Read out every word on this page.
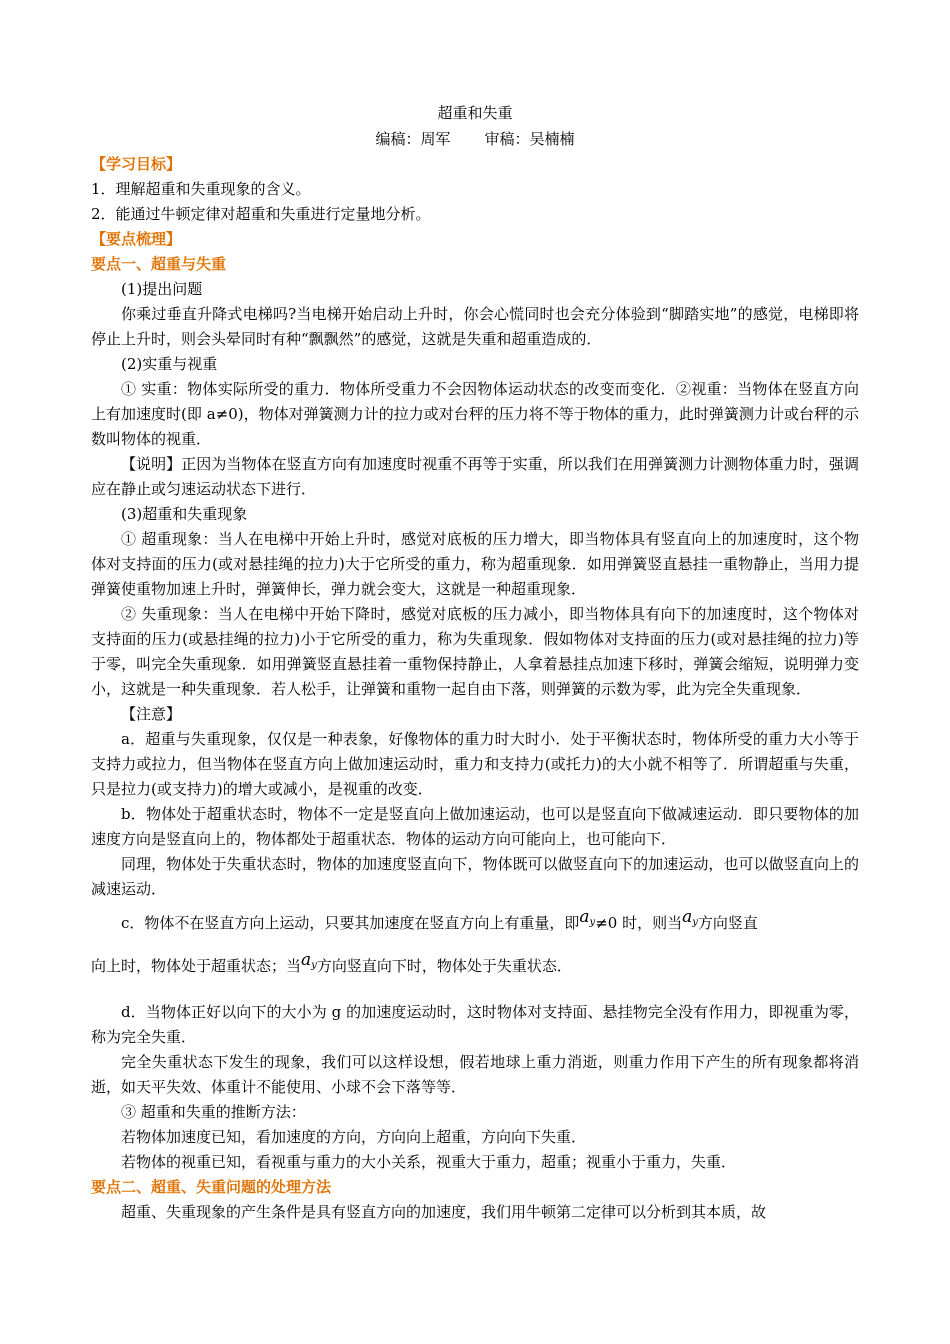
超重和失重
编稿：周军 审稿：吴楠楠
【学习目标】
1．理解超重和失重现象的含义。
2．能通过牛顿定律对超重和失重进行定量地分析。
【要点梳理】
要点一、超重与失重

(1)提出问题

你乘过垂直升降式电梯吗?当电梯开始启动上升时，你会心慌同时也会充分体验到“脚踏实地”的感觉，电梯即将停止上升时，则会头晕同时有种“飘飘然”的感觉，这就是失重和超重造成的．

(2)实重与视重

① 实重：物体实际所受的重力．物体所受重力不会因物体运动状态的改变而变化．②视重：当物体在竖直方向上有加速度时(即 a≠0)，物体对弹簧测力计的拉力或对台秤的压力将不等于物体的重力，此时弹簧测力计或台秤的示数叫物体的视重．

【说明】正因为当物体在竖直方向有加速度时视重不再等于实重，所以我们在用弹簧测力计测物体重力时，强调应在静止或匀速运动状态下进行．

(3)超重和失重现象

① 超重现象：当人在电梯中开始上升时，感觉对底板的压力增大，即当物体具有竖直向上的加速度时，这个物体对支持面的压力(或对悬挂绳的拉力)大于它所受的重力，称为超重现象．如用弹簧竖直悬挂一重物静止，当用力提弹簧使重物加速上升时，弹簧伸长，弹力就会变大，这就是一种超重现象．

② 失重现象：当人在电梯中开始下降时，感觉对底板的压力减小，即当物体具有向下的加速度时，这个物体对支持面的压力(或悬挂绳的拉力)小于它所受的重力，称为失重现象．假如物体对支持面的压力(或对悬挂绳的拉力)等于零，叫完全失重现象．如用弹簧竖直悬挂着一重物保持静止，人拿着悬挂点加速下移时，弹簧会缩短，说明弹力变小，这就是一种失重现象．若人松手，让弹簧和重物一起自由下落，则弹簧的示数为零，此为完全失重现象．

【注意】

a．超重与失重现象，仅仅是一种表象，好像物体的重力时大时小．处于平衡状态时，物体所受的重力大小等于支持力或拉力，但当物体在竖直方向上做加速运动时，重力和支持力(或托力)的大小就不相等了．所谓超重与失重，只是拉力(或支持力)的增大或减小，是视重的改变．

b．物体处于超重状态时，物体不一定是竖直向上做加速运动，也可以是竖直向下做减速运动．即只要物体的加速度方向是竖直向上的，物体都处于超重状态．物体的运动方向可能向上，也可能向下．

同理，物体处于失重状态时，物体的加速度竖直向下，物体既可以做竖直向下的加速运动，也可以做竖直向上的减速运动．

c．物体不在竖直方向上运动，只要其加速度在竖直方向上有重量，即$a_y\ne 0$ 时，则当$a_y$方向竖直

向上时，物体处于超重状态；当$a_y$方向竖直向下时，物体处于失重状态．

d．当物体正好以向下的大小为 g 的加速度运动时，这时物体对支持面、悬挂物完全没有作用力，即视重为零，称为完全失重．

完全失重状态下发生的现象，我们可以这样设想，假若地球上重力消逝，则重力作用下产生的所有现象都将消逝，如天平失效、体重计不能使用、小球不会下落等等．

③ 超重和失重的推断方法：

若物体加速度已知，看加速度的方向，方向向上超重，方向向下失重．

若物体的视重已知，看视重与重力的大小关系，视重大于重力，超重；视重小于重力，失重．

要点二、超重、失重问题的处理方法

超重、失重现象的产生条件是具有竖直方向的加速度，我们用牛顿第二定律可以分析到其本质，故
